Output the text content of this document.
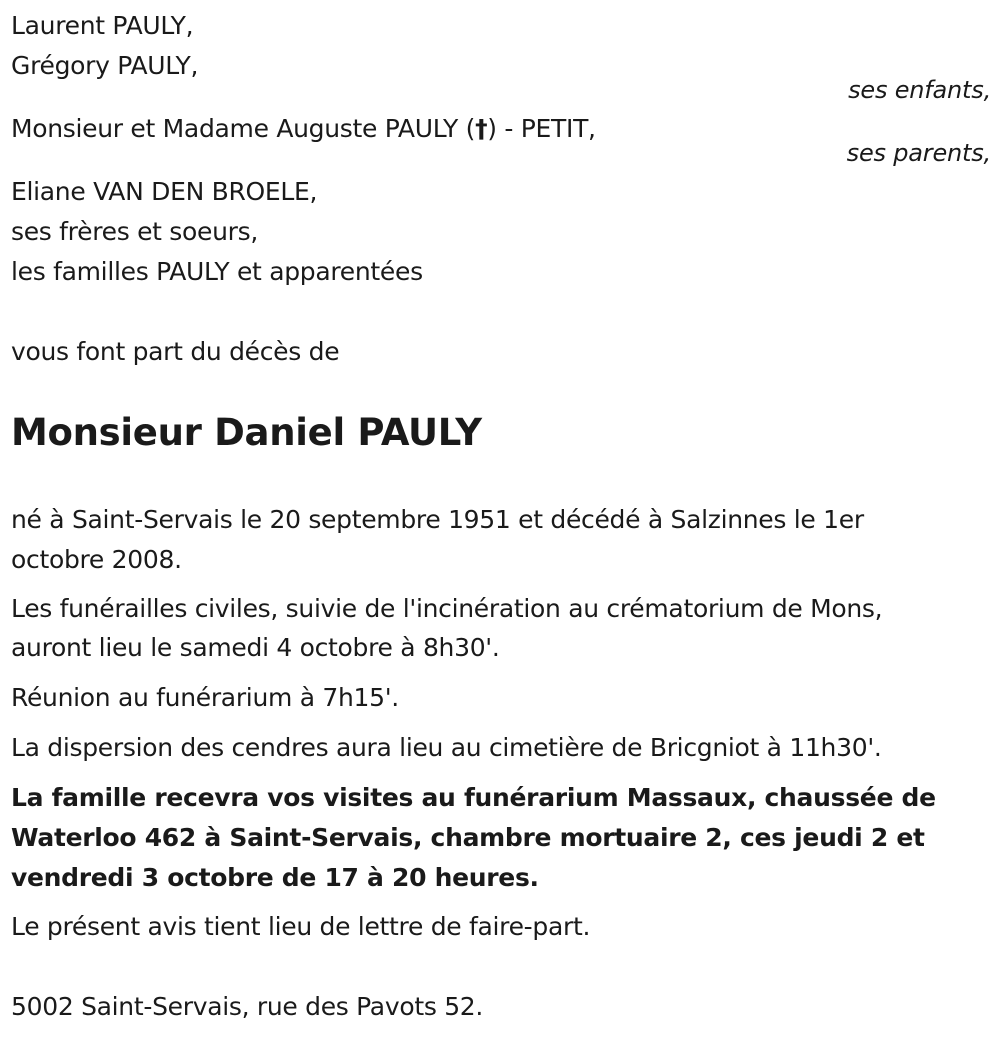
Laurent PAULY,
Grégory PAULY,
ses enfants,
Monsieur et Madame Auguste PAULY (†) - PETIT,
ses parents,
Eliane VAN DEN BROELE,
ses frères et soeurs,
les familles PAULY et apparentées
vous font part du décès de
Monsieur Daniel PAULY
né à Saint-Servais le 20 septembre 1951 et décédé à Salzinnes le 1er
octobre 2008.
Les funérailles civiles, suivie de l'incinération au crématorium de Mons,
auront lieu le samedi 4 octobre à 8h30'.
Réunion au funérarium à 7h15'.
La dispersion des cendres aura lieu au cimetière de Bricgniot à 11h30'.
La famille recevra vos visites au funérarium Massaux, chaussée de
Waterloo 462 à Saint-Servais, chambre mortuaire 2, ces jeudi 2 et
vendredi 3 octobre de 17 à 20 heures.
Le présent avis tient lieu de lettre de faire-part.
5002 Saint-Servais, rue des Pavots 52.
